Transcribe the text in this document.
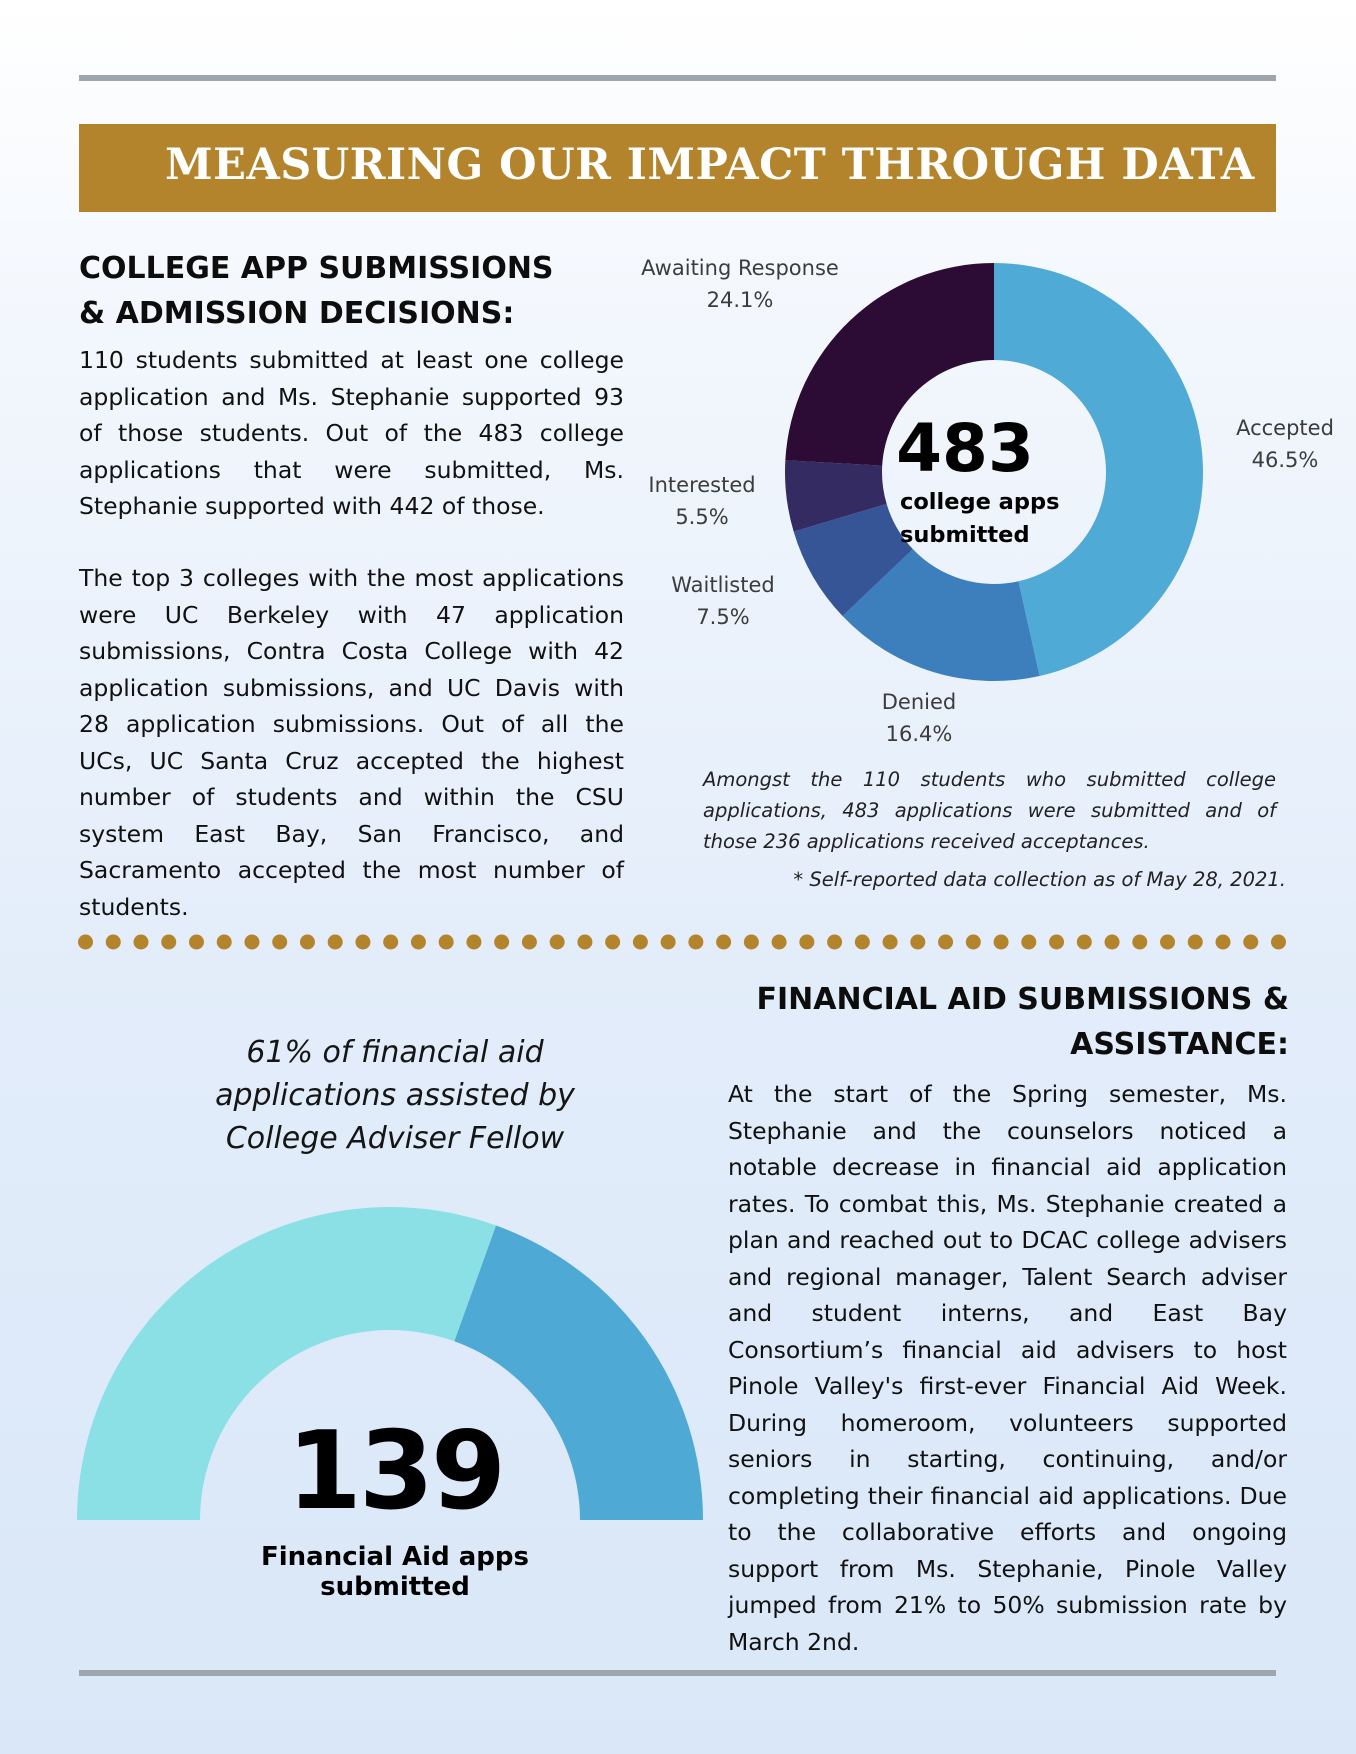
MEASURING OUR IMPACT THROUGH DATA
COLLEGE APP SUBMISSIONS
& ADMISSION DECISIONS:

110 students submitted at least one college application and Ms. Stephanie supported 93 of those students. Out of the 483 college applications that were submitted, Ms. Stephanie supported with 442 of those.

The top 3 colleges with the most applications were UC Berkeley with 47 application submissions, Contra Costa College with 42 application submissions, and UC Davis with 28 application submissions. Out of all the UCs, UC Santa Cruz accepted the highest number of students and within the CSU system East Bay, San Francisco, and Sacramento accepted the most number of students.

Awaiting Response
24.1%
Accepted
46.5%
Interested
5.5%
Waitlisted
7.5%
Denied
16.4%
483
college apps submitted

Amongst the 110 students who submitted college applications, 483 applications were submitted and of those 236 applications received acceptances.

* Self-reported data collection as of May 28, 2021.

FINANCIAL AID SUBMISSIONS &
ASSISTANCE:

61% of financial aid applications assisted by College Adviser Fellow

139
Financial Aid apps submitted

At the start of the Spring semester, Ms. Stephanie and the counselors noticed a notable decrease in financial aid application rates. To combat this, Ms. Stephanie created a plan and reached out to DCAC college advisers and regional manager, Talent Search adviser and student interns, and East Bay Consortium’s financial aid advisers to host Pinole Valley's first-ever Financial Aid Week. During homeroom, volunteers supported seniors in starting, continuing, and/or completing their financial aid applications. Due to the collaborative efforts and ongoing support from Ms. Stephanie, Pinole Valley jumped from 21% to 50% submission rate by March 2nd.
